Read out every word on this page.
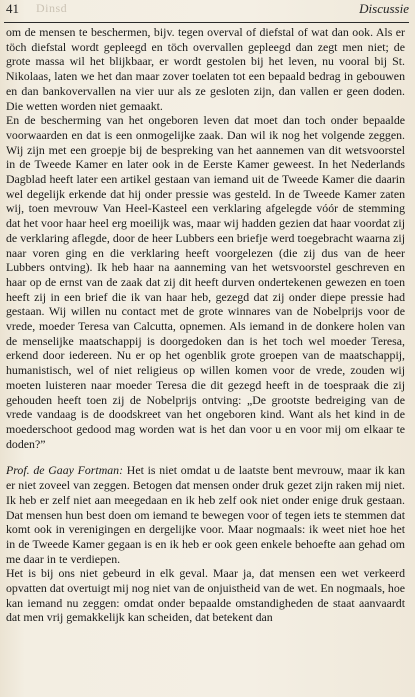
41 Dinsd	Discussie

om de mensen te beschermen, bijv. tegen overval of diefstal of wat dan ook. Als er töch diefstal wordt gepleegd en töch overvallen gepleegd dan zegt men niet; de grote massa wil het blijkbaar, er wordt gestolen bij het leven, nu vooral bij St. Nikolaas, laten we het dan maar zover toelaten tot een bepaald bedrag in gebouwen en dan bankovervallen na vier uur als ze gesloten zijn, dan vallen er geen doden. Die wetten worden niet gemaakt.

En de bescherming van het ongeboren leven dat moet dan toch onder bepaalde voorwaarden en dat is een onmogelijke zaak. Dan wil ik nog het volgende zeggen. Wij zijn met een groepje bij de bespreking van het aannemen van dit wetsvoorstel in de Tweede Kamer en later ook in de Eerste Kamer geweest. In het Nederlands Dagblad heeft later een artikel gestaan van iemand uit de Tweede Kamer die daarin wel degelijk erkende dat hij onder pressie was gesteld. In de Tweede Kamer zaten wij, toen mevrouw Van Heel-Kasteel een verklaring afgelegde vóór de stemming dat het voor haar heel erg moeilijk was, maar wij hadden gezien dat haar voordat zij de verklaring aflegde, door de heer Lubbers een briefje werd toegebracht waarna zij naar voren ging en die verklaring heeft voorgelezen (die zij dus van de heer Lubbers ontving). Ik heb haar na aanneming van het wetsvoorstel geschreven en haar op de ernst van de zaak dat zij dit heeft durven ondertekenen gewezen en toen heeft zij in een brief die ik van haar heb, gezegd dat zij onder diepe pressie had gestaan. Wij willen nu contact met de grote winnares van de Nobelprijs voor de vrede, moeder Teresa van Calcutta, opnemen. Als iemand in de donkere holen van de menselijke maatschappij is doorgedoken dan is het toch wel moeder Teresa, erkend door iedereen. Nu er op het ogenblik grote groepen van de maatschappij, humanistisch, wel of niet religieus op willen komen voor de vrede, zouden wij moeten luisteren naar moeder Teresa die dit gezegd heeft in de toespraak die zij gehouden heeft toen zij de Nobelprijs ontving: „De grootste bedreiging van de vrede vandaag is de doodskreet van het ongeboren kind. Want als het kind in de moederschoot gedood mag worden wat is het dan voor u en voor mij om elkaar te doden?”

Prof. de Gaay Fortman: Het is niet omdat u de laatste bent mevrouw, maar ik kan er niet zoveel van zeggen. Betogen dat mensen onder druk gezet zijn raken mij niet. Ik heb er zelf niet aan meegedaan en ik heb zelf ook niet onder enige druk gestaan. Dat mensen hun best doen om iemand te bewegen voor of tegen iets te stemmen dat komt ook in verenigingen en dergelijke voor. Maar nogmaals: ik weet niet hoe het in de Tweede Kamer gegaan is en ik heb er ook geen enkele behoefte aan gehad om me daar in te verdiepen.

Het is bij ons niet gebeurd in elk geval. Maar ja, dat mensen een wet verkeerd opvatten dat overtuigt mij nog niet van de onjuistheid van de wet. En nogmaals, hoe kan iemand nu zeggen: omdat onder bepaalde omstandigheden de staat aanvaardt dat men vrij gemakkelijk kan scheiden, dat betekent dan
